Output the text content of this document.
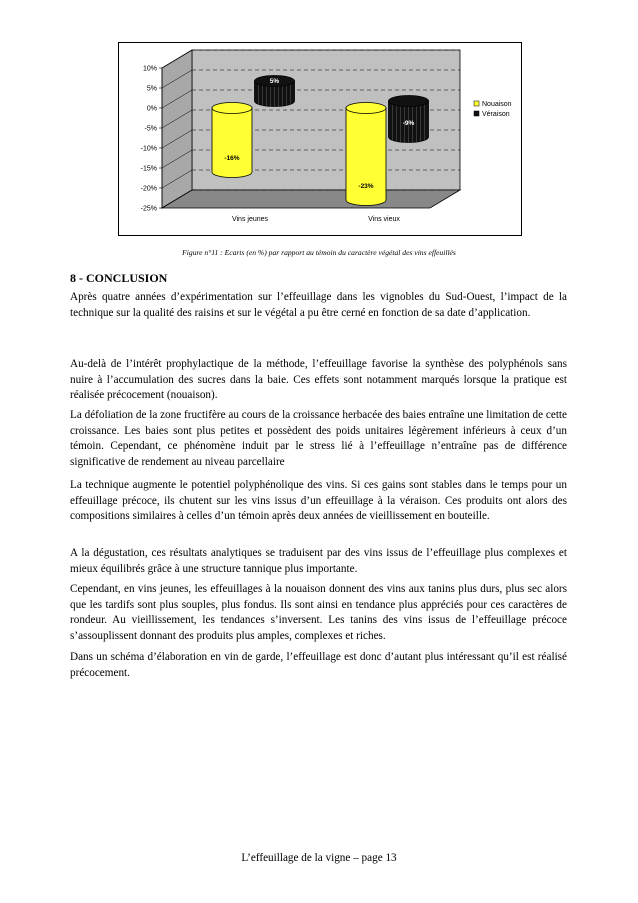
10%
5%
0%
-5%
-10%
-15%
-20%
-25%
-16%
5%
Vins jeunes
-23%
-9%
Vins vieux
Nouaison
Véraison
Figure n°11 : Ecarts (en %) par rapport au témoin du caractère végétal des vins effeuillés
8 - CONCLUSION

Après quatre années d’expérimentation sur l’effeuillage dans les vignobles du Sud-Ouest, l’impact de la technique sur la qualité des raisins et sur le végétal a pu être cerné en fonction de sa date d’application.

Au-delà de l’intérêt prophylactique de la méthode, l’effeuillage favorise la synthèse des polyphénols sans nuire à l’accumulation des sucres dans la baie. Ces effets sont notamment marqués lorsque la pratique est réalisée précocement (nouaison).

La défoliation de la zone fructifère au cours de la croissance herbacée des baies entraîne une limitation de cette croissance. Les baies sont plus petites et possèdent des poids unitaires légèrement inférieurs à ceux d’un témoin. Cependant, ce phénomène induit par le stress lié à l’effeuillage n’entraîne pas de différence significative de rendement au niveau parcellaire

La technique augmente le potentiel polyphénolique des vins. Si ces gains sont stables dans le temps pour un effeuillage précoce, ils chutent sur les vins issus d’un effeuillage à la véraison. Ces produits ont alors des compositions similaires à celles d’un témoin après deux années de vieillissement en bouteille.

A la dégustation, ces résultats analytiques se traduisent par des vins issus de l’effeuillage plus complexes et mieux équilibrés grâce à une structure tannique plus importante.

Cependant, en vins jeunes, les effeuillages à la nouaison donnent des vins aux tanins plus durs, plus sec alors que les tardifs sont plus souples, plus fondus. Ils sont ainsi en tendance plus appréciés pour ces caractères de rondeur. Au vieillissement, les tendances s’inversent. Les tanins des vins issus de l’effeuillage précoce s’assouplissent donnant des produits plus amples, complexes et riches.

Dans un schéma d’élaboration en vin de garde, l’effeuillage est donc d’autant plus intéressant qu’il est réalisé précocement.

L’effeuillage de la vigne – page 13
